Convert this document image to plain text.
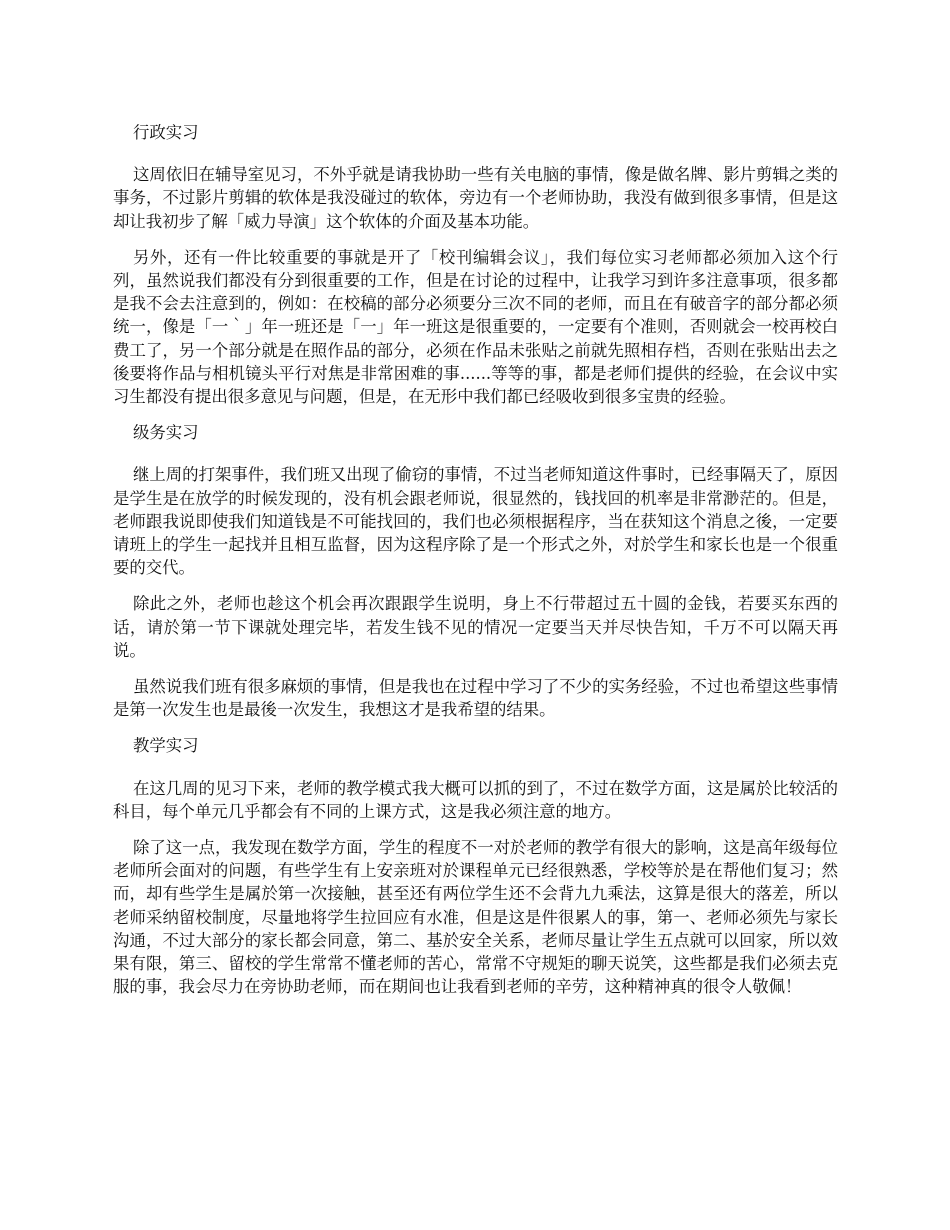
行政实习

这周依旧在辅导室见习，不外乎就是请我协助一些有关电脑的事情，像是做名牌、影片剪辑之类的事务，不过影片剪辑的软体是我没碰过的软体，旁边有一个老师协助，我没有做到很多事情，但是这却让我初步了解「威力导演」这个软体的介面及基本功能。

另外，还有一件比较重要的事就是开了「校刊编辑会议」，我们每位实习老师都必须加入这个行列，虽然说我们都没有分到很重要的工作，但是在讨论的过程中，让我学习到许多注意事项，很多都是我不会去注意到的，例如：在校稿的部分必须要分三次不同的老师，而且在有破音字的部分都必须统一，像是「一｀」年一班还是「一」年一班这是很重要的，一定要有个准则，否则就会一校再校白费工了，另一个部分就是在照作品的部分，必须在作品未张贴之前就先照相存档，否则在张贴出去之後要将作品与相机镜头平行对焦是非常困难的事......等等的事，都是老师们提供的经验，在会议中实习生都没有提出很多意见与问题，但是，在无形中我们都已经吸收到很多宝贵的经验。

级务实习

继上周的打架事件，我们班又出现了偷窃的事情，不过当老师知道这件事时，已经事隔天了，原因是学生是在放学的时候发现的，没有机会跟老师说，很显然的，钱找回的机率是非常渺茫的。但是，老师跟我说即使我们知道钱是不可能找回的，我们也必须根据程序，当在获知这个消息之後，一定要请班上的学生一起找并且相互监督，因为这程序除了是一个形式之外，对於学生和家长也是一个很重要的交代。

除此之外，老师也趁这个机会再次跟跟学生说明，身上不行带超过五十圆的金钱，若要买东西的话，请於第一节下课就处理完毕，若发生钱不见的情况一定要当天并尽快告知，千万不可以隔天再说。

虽然说我们班有很多麻烦的事情，但是我也在过程中学习了不少的实务经验，不过也希望这些事情是第一次发生也是最後一次发生，我想这才是我希望的结果。

教学实习

在这几周的见习下来，老师的教学模式我大概可以抓的到了，不过在数学方面，这是属於比较活的科目，每个单元几乎都会有不同的上课方式，这是我必须注意的地方。

除了这一点，我发现在数学方面，学生的程度不一对於老师的教学有很大的影响，这是高年级每位老师所会面对的问题，有些学生有上安亲班对於课程单元已经很熟悉，学校等於是在帮他们复习；然而，却有些学生是属於第一次接触，甚至还有两位学生还不会背九九乘法，这算是很大的落差，所以老师采纳留校制度，尽量地将学生拉回应有水准，但是这是件很累人的事，第一、老师必须先与家长沟通，不过大部分的家长都会同意，第二、基於安全关系，老师尽量让学生五点就可以回家，所以效果有限，第三、留校的学生常常不懂老师的苦心，常常不守规矩的聊天说笑，这些都是我们必须去克服的事，我会尽力在旁协助老师，而在期间也让我看到老师的辛劳，这种精神真的很令人敬佩！
